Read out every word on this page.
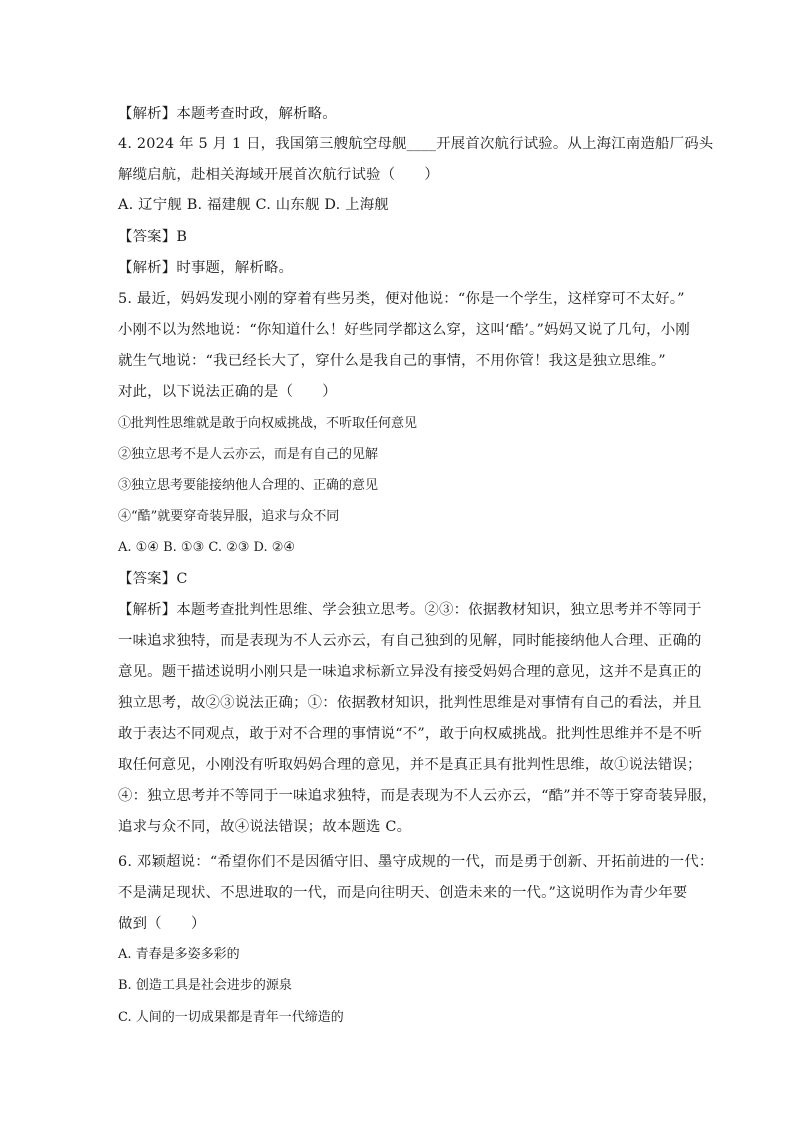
【解析】本题考查时政，解析略。
4. 2024 年 5 月 1 日，我国第三艘航空母舰____开展首次航行试验。从上海江南造船厂码头
解缆启航，赴相关海域开展首次航行试验（　　）
A. 辽宁舰 B. 福建舰 C. 山东舰 D. 上海舰
【答案】B
【解析】时事题，解析略。
5. 最近，妈妈发现小刚的穿着有些另类，便对他说：“你是一个学生，这样穿可不太好。”
小刚不以为然地说：“你知道什么！好些同学都这么穿，这叫‘酷’。”妈妈又说了几句，小刚
就生气地说：“我已经长大了，穿什么是我自己的事情，不用你管！我这是独立思维。”
对此，以下说法正确的是（　　）
①批判性思维就是敢于向权威挑战，不听取任何意见
②独立思考不是人云亦云，而是有自己的见解
③独立思考要能接纳他人合理的、正确的意见
④“酷”就要穿奇装异服，追求与众不同
A. ①④ B. ①③ C. ②③ D. ②④
【答案】C
【解析】本题考查批判性思维、学会独立思考。②③：依据教材知识，独立思考并不等同于
一味追求独特，而是表现为不人云亦云，有自己独到的见解，同时能接纳他人合理、正确的
意见。题干描述说明小刚只是一味追求标新立异没有接受妈妈合理的意见，这并不是真正的
独立思考，故②③说法正确；①：依据教材知识，批判性思维是对事情有自己的看法，并且
敢于表达不同观点，敢于对不合理的事情说“不”，敢于向权威挑战。批判性思维并不是不听
取任何意见，小刚没有听取妈妈合理的意见，并不是真正具有批判性思维，故①说法错误；
④：独立思考并不等同于一味追求独特，而是表现为不人云亦云，“酷”并不等于穿奇装异服，
追求与众不同，故④说法错误；故本题选 C。
6. 邓颖超说：“希望你们不是因循守旧、墨守成规的一代，而是勇于创新、开拓前进的一代：
不是满足现状、不思进取的一代，而是向往明天、创造未来的一代。”这说明作为青少年要
做到（　　）
A. 青春是多姿多彩的
B. 创造工具是社会进步的源泉
C. 人间的一切成果都是青年一代缔造的
